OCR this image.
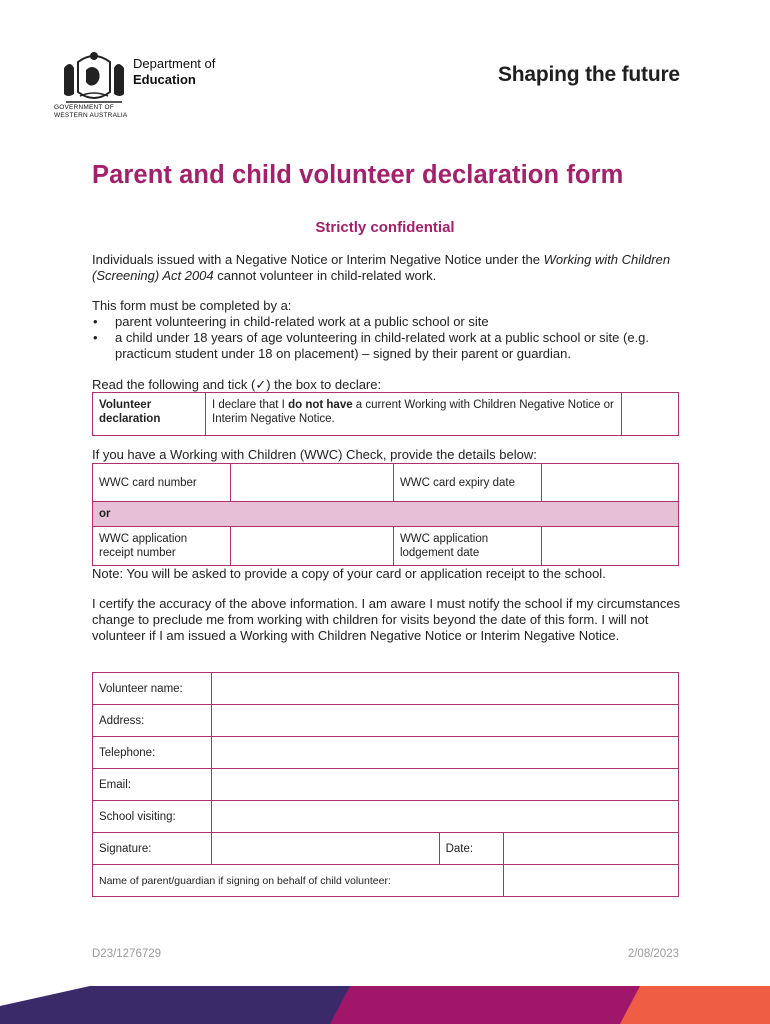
Department of
Education
GOVERNMENT OF
WESTERN AUSTRALIA
Shaping the future
Parent and child volunteer declaration form
Strictly confidential
Individuals issued with a Negative Notice or Interim Negative Notice under the Working with Children (Screening) Act 2004 cannot volunteer in child-related work.
This form must be completed by a:
• parent volunteering in child-related work at a public school or site
• a child under 18 years of age volunteering in child-related work at a public school or site (e.g. practicum student under 18 on placement) – signed by their parent or guardian.
Read the following and tick (✓) the box to declare:
Volunteer declaration	I declare that I do not have a current Working with Children Negative Notice or Interim Negative Notice.	
If you have a Working with Children (WWC) Check, provide the details below:
WWC card number		WWC card expiry date	
or			
WWC application receipt number		WWC application lodgement date	
Note: You will be asked to provide a copy of your card or application receipt to the school.
I certify the accuracy of the above information. I am aware I must notify the school if my circumstances change to preclude me from working with children for visits beyond the date of this form. I will not volunteer if I am issued a Working with Children Negative Notice or Interim Negative Notice.
Volunteer name:			
Address:			
Telephone:			
Email:			
School visiting:			
Signature:		Date:	
Name of parent/guardian if signing on behalf of child volunteer:			
D23/1276729	2/08/2023
